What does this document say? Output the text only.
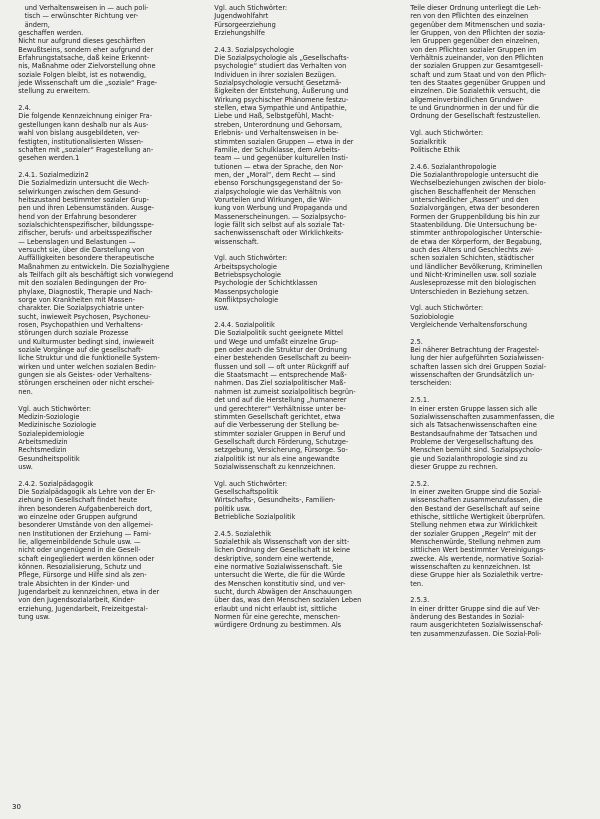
und Verhaltensweisen in — auch poli-
tisch — erwünschter Richtung ver-
ändern,
geschaffen werden.
Nicht nur aufgrund dieses geschärften
Bewußtseins, sondern eher aufgrund der
Erfahrungstatsache, daß keine Erkennt-
nis, Maßnahme oder Zielvorstellung ohne
soziale Folgen bleibt, ist es notwendig,
jede Wissenschaft um die „soziale“ Frage-
stellung zu erweitern.
2.4.
Die folgende Kennzeichnung einiger Fra-
gestellungen kann deshalb nur als Aus-
wahl von bislang ausgebildeten, ver-
festigten, institutionalisierten Wissen-
schaften mit „sozialer“ Fragestellung an-
gesehen werden.1
2.4.1. Sozialmedizin2
Die Sozialmedizin untersucht die Wech-
selwirkungen zwischen dem Gesund-
heitszustand bestimmter sozialer Grup-
pen und ihren Lebensumständen. Ausge-
hend von der Erfahrung besonderer
sozialschichtenspezifischer, bildungsspe-
zifischer, berufs- und arbeitsspezifischer
— Lebenslagen und Belastungen —
versucht sie, über die Darstellung von
Auffälligkeiten besondere therapeutische
Maßnahmen zu entwickeln. Die Sozialhygiene
als Teilfach gilt als beschäftigt sich vorwiegend
mit den sozialen Bedingungen der Pro-
phylaxe, Diagnostik, Therapie und Nach-
sorge von Krankheiten mit Massen-
charakter. Die Sozialpsychiatrie unter-
sucht, inwieweit Psychosen, Psychoneu-
rosen, Psychopathien und Verhaltens-
störungen durch soziale Prozesse
und Kulturmuster bedingt sind, inwieweit
soziale Vorgänge auf die gesellschaft-
liche Struktur und die funktionelle System-
wirken und unter welchen sozialen Bedin-
gungen sie als Geistes- oder Verhaltens-
störungen erscheinen oder nicht erschei-
nen.
Vgl. auch Stichwörter:
Medizin-Soziologie
Medizinische Soziologie
Sozialepidemiologie
Arbeitsmedizin
Rechtsmedizin
Gesundheitspolitik
usw.
2.4.2. Sozialpädagogik
Die Sozialpädagogik als Lehre von der Er-
ziehung in Gesellschaft findet heute
ihren besonderen Aufgabenbereich dort,
wo einzelne oder Gruppen aufgrund
besonderer Umstände von den allgemei-
nen Institutionen der Erziehung — Fami-
lie, allgemeinbildende Schule usw. —
nicht oder ungenügend in die Gesell-
schaft eingegliedert werden können oder
können. Resozialisierung, Schutz und
Pflege, Fürsorge und Hilfe sind als zen-
trale Absichten in der Kinder- und
Jugendarbeit zu kennzeichnen, etwa in der
von den Jugendsozialarbeit, Kinder-
erziehung, Jugendarbeit, Freizeitgestal-
tung usw.
Vgl. auch Stichwörter:
Jugendwohlfahrt
Fürsorgeerziehung
Erziehungshilfe
2.4.3. Sozialpsychologie
Die Sozialpsychologie als „Gesellschafts-
psychologie“ studiert das Verhalten von
Individuen in ihrer sozialen Bezügen.
Sozialpsychologie versucht Gesetzmä-
ßigkeiten der Entstehung, Äußerung und
Wirkung psychischer Phänomene festzu-
stellen, etwa Sympathie und Antipathie,
Liebe und Haß, Selbstgefühl, Macht-
streben, Unterordnung und Gehorsam,
Erlebnis- und Verhaltensweisen in be-
stimmten sozialen Gruppen — etwa in der
Familie, der Schulklasse, dem Arbeits-
team — und gegenüber kulturellen Insti-
tutionen — etwa der Sprache, den Nor-
men, der „Moral“, dem Recht — sind
ebenso Forschungsgegenstand der So-
zialpsychologie wie das Verhältnis von
Vorurteilen und Wirkungen, die Wir-
kung von Werbung und Propaganda und
Massenerscheinungen. — Sozialpsycho-
logie fällt sich selbst auf als soziale Tat-
sachenwissenschaft oder Wirklichkeits-
wissenschaft.
Vgl. auch Stichwörter:
Arbeitspsychologie
Betriebspsychologie
Psychologie der Schichtklassen
Massenpsychologie
Konfliktpsychologie
usw.
2.4.4. Sozialpolitik
Die Sozialpolitik sucht geeignete Mittel
und Wege und umfaßt einzelne Grup-
pen oder auch die Struktur der Ordnung
einer bestehenden Gesellschaft zu beein-
flussen und soll — oft unter Rückgriff auf
die Staatsmacht — entsprechende Maß-
nahmen. Das Ziel sozialpolitischer Maß-
nahmen ist zumeist sozialpolitisch begrün-
det und auf die Herstellung „humanerer
und gerechterer“ Verhältnisse unter be-
stimmten Gesellschaft gerichtet, etwa
auf die Verbesserung der Stellung be-
stimmter sozialer Gruppen in Beruf und
Gesellschaft durch Förderung, Schutzge-
setzgebung, Versicherung, Fürsorge. So-
zialpolitik ist nur als eine angewandte
Sozialwissenschaft zu kennzeichnen.
Vgl. auch Stichwörter:
Gesellschaftspolitik
Wirtschafts-, Gesundheits-, Familien-
politik usw.
Betriebliche Sozialpolitik
2.4.5. Sozialethik
Sozialethik als Wissenschaft von der sitt-
lichen Ordnung der Gesellschaft ist keine
deskriptive, sondern eine wertende,
eine normative Sozialwissenschaft. Sie
untersucht die Werte, die für die Würde
des Menschen konstitutiv sind, und ver-
sucht, durch Abwägen der Anschauungen
über das, was den Menschen sozialen Leben
erlaubt und nicht erlaubt ist, sittliche
Normen für eine gerechte, menschen-
würdigere Ordnung zu bestimmen. Als
Teile dieser Ordnung unterliegt die Leh-
ren von den Pflichten des einzelnen
gegenüber dem Mitmenschen und sozia-
ler Gruppen, von den Pflichten der sozia-
len Gruppen gegenüber den einzelnen,
von den Pflichten sozialer Gruppen im
Verhältnis zueinander, von den Pflichten
der sozialen Gruppen zur Gesamtgesell-
schaft und zum Staat und von den Pflich-
ten des Staates gegenüber Gruppen und
einzelnen. Die Sozialethik versucht, die
allgemeinverbindlichen Grundwer-
te und Grundnormen in der und für die
Ordnung der Gesellschaft festzustellen.
Vgl. auch Stichwörter:
Sozialkritik
Politische Ethik
2.4.6. Sozialanthropologie
Die Sozialanthropologie untersucht die
Wechselbeziehungen zwischen der biolo-
gischen Beschaffenheit der Menschen
unterschiedlicher „Rassen“ und den
Sozialvorgängen, etwa der besonderen
Formen der Gruppenbildung bis hin zur
Staatenbildung. Die Untersuchung be-
stimmter anthropologischer Unterschie-
de etwa der Körperform, der Begabung,
auch des Alters und Geschlechts zwi-
schen sozialen Schichten, städtischer
und ländlicher Bevölkerung, Kriminellen
und Nicht-Kriminellen usw. soll soziale
Ausleseprozesse mit den biologischen
Unterschieden in Beziehung setzen.
Vgl. auch Stichwörter:
Soziobiologie
Vergleichende Verhaltensforschung
2.5.
Bei näherer Betrachtung der Fragestel-
lung der hier aufgeführten Sozialwissen-
schaften lassen sich drei Gruppen Sozial-
wissenschaften der Grundsätzlich un-
terscheiden:
2.5.1.
In einer ersten Gruppe lassen sich alle
Sozialwissenschaften zusammenfassen, die
sich als Tatsachenwissenschaften eine
Bestandsaufnahme der Tatsachen und
Probleme der Vergesellschaftung des
Menschen bemüht sind. Sozialpsycholo-
gie und Sozialanthropologie sind zu
dieser Gruppe zu rechnen.
2.5.2.
In einer zweiten Gruppe sind die Sozial-
wissenschaften zusammenzufassen, die
den Bestand der Gesellschaft auf seine
ethische, sittliche Wertigkeit überprüfen.
Stellung nehmen etwa zur Wirklichkeit
der sozialer Gruppen „Regeln“ mit der
Menschenwürde, Stellung nehmen zum
sittlichen Wert bestimmter Vereinigungs-
zwecke. Als wertende, normative Sozial-
wissenschaften zu kennzeichnen. Ist
diese Gruppe hier als Sozialethik vertre-
ten.
2.5.3.
In einer dritter Gruppe sind die auf Ver-
änderung des Bestandes in Sozial-
raum ausgerichteten Sozialwissenschaf-
ten zusammenzufassen. Die Sozial-Poli-
30
